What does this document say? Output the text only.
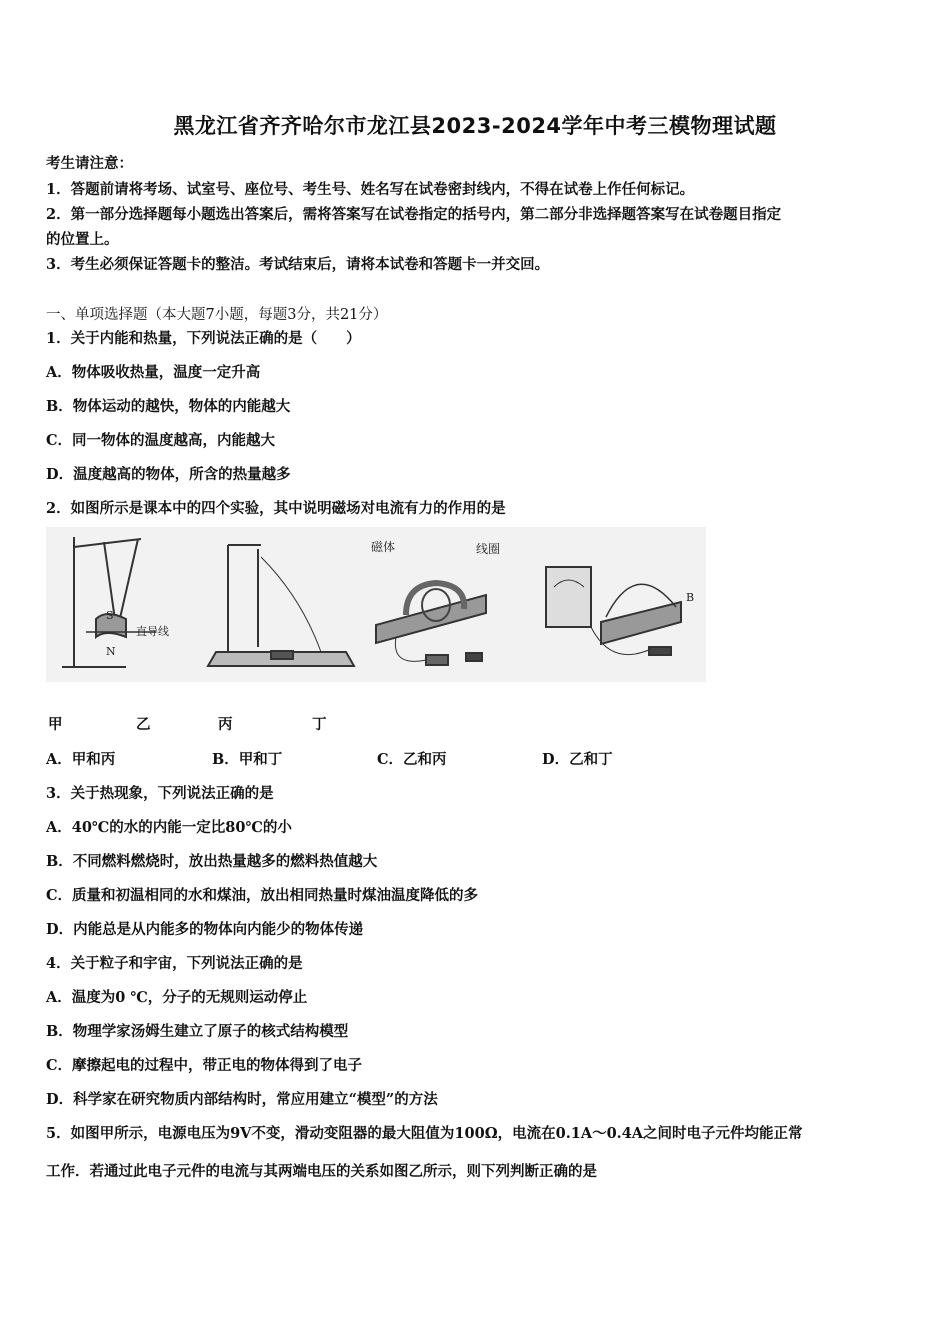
黑龙江省齐齐哈尔市龙江县2023-2024学年中考三模物理试题
考生请注意：
1．答题前请将考场、试室号、座位号、考生号、姓名写在试卷密封线内，不得在试卷上作任何标记。
2．第一部分选择题每小题选出答案后，需将答案写在试卷指定的括号内，第二部分非选择题答案写在试卷题目指定
的位置上。
3．考生必须保证答题卡的整洁。考试结束后，请将本试卷和答题卡一并交回。
一、单项选择题（本大题7小题，每题3分，共21分）
1．关于内能和热量，下列说法正确的是（　　）
A．物体吸收热量，温度一定升高
B．物体运动的越快，物体的内能越大
C．同一物体的温度越高，内能越大
D．温度越高的物体，所含的热量越多
2．如图所示是课本中的四个实验，其中说明磁场对电流有力的作用的是
S
N
直导线
磁体	线圈
B
甲	乙	丙	丁
A．甲和丙	B．甲和丁	C．乙和丙	D．乙和丁
3．关于热现象，下列说法正确的是
A．40℃的水的内能一定比80℃的小
B．不同燃料燃烧时，放出热量越多的燃料热值越大
C．质量和初温相同的水和煤油，放出相同热量时煤油温度降低的多
D．内能总是从内能多的物体向内能少的物体传递
4．关于粒子和宇宙，下列说法正确的是
A．温度为0 ℃，分子的无规则运动停止
B．物理学家汤姆生建立了原子的核式结构模型
C．摩擦起电的过程中，带正电的物体得到了电子
D．科学家在研究物质内部结构时，常应用建立“模型”的方法
5．如图甲所示，电源电压为9V不变，滑动变阻器的最大阻值为100Ω，电流在0.1A～0.4A之间时电子元件均能正常
工作．若通过此电子元件的电流与其两端电压的关系如图乙所示，则下列判断正确的是
